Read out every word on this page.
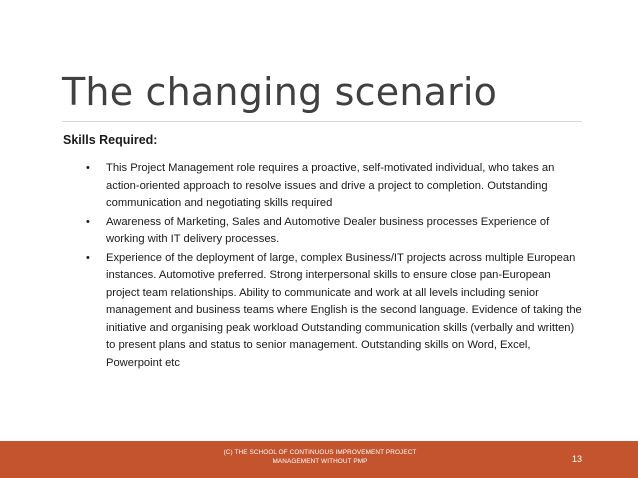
The changing scenario
Skills Required:
• This Project Management role requires a proactive, self-motivated individual, who takes an action-oriented approach to resolve issues and drive a project to completion. Outstanding communication and negotiating skills required
• Awareness of Marketing, Sales and Automotive Dealer business processes Experience of working with IT delivery processes.
• Experience of the deployment of large, complex Business/IT projects across multiple European instances. Automotive preferred. Strong interpersonal skills to ensure close pan-European project team relationships. Ability to communicate and work at all levels including senior management and business teams where English is the second language. Evidence of taking the initiative and organising peak workload Outstanding communication skills (verbally and written) to present plans and status to senior management. Outstanding skills on Word, Excel, Powerpoint etc
(C) THE SCHOOL OF CONTINUOUS IMPROVEMENT PROJECT MANAGEMENT WITHOUT PMP	13
